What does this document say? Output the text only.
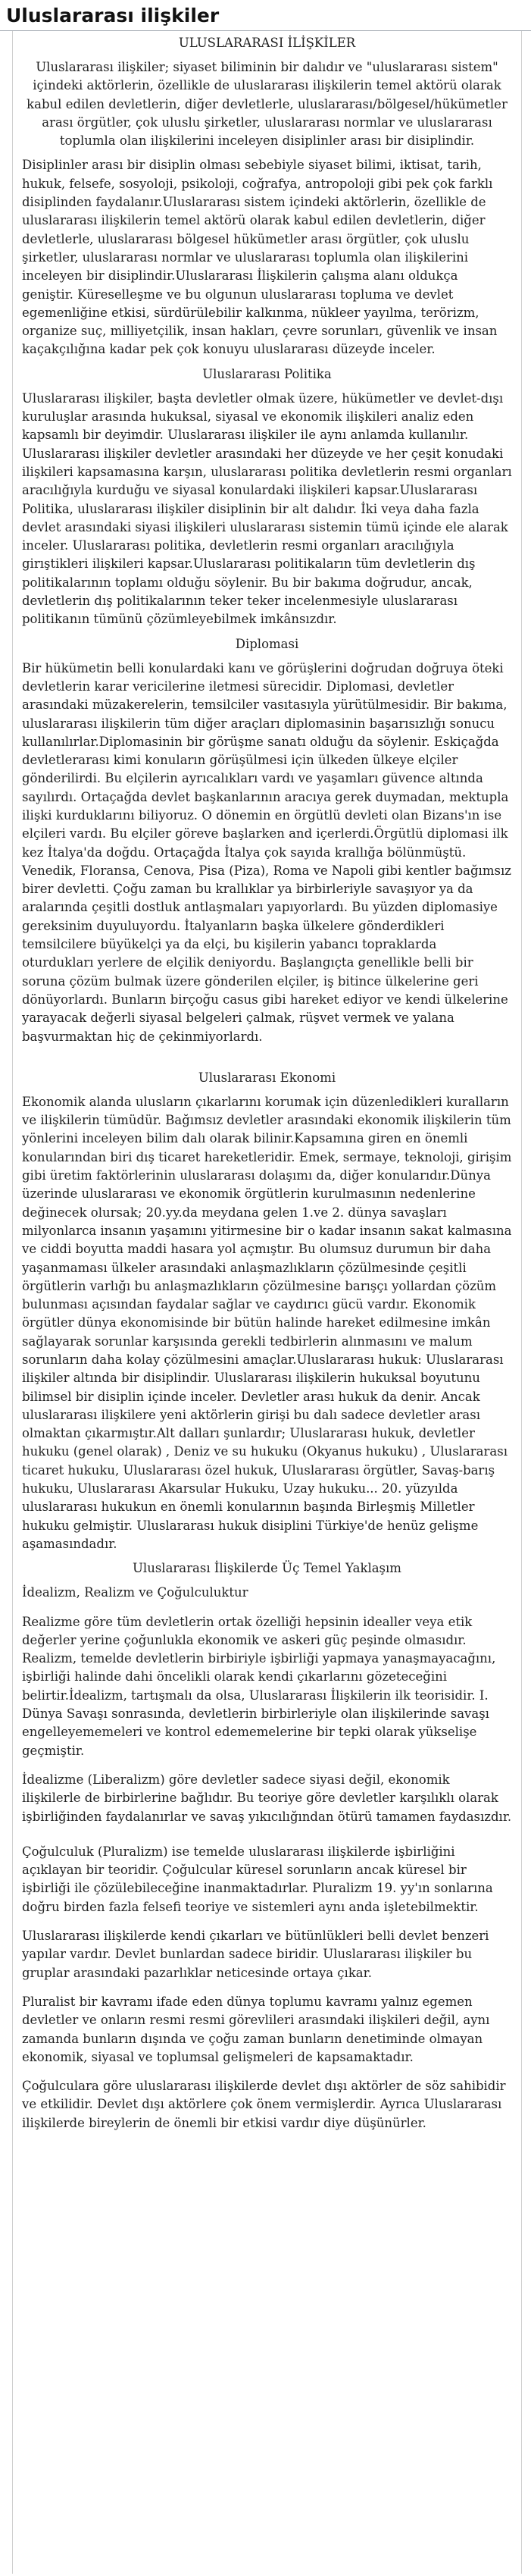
Uluslararası ilişkiler
ULUSLARARASI İLİŞKİLER

Uluslararası ilişkiler; siyaset biliminin bir dalıdır ve "uluslararası sistem" içindeki aktörlerin, özellikle de uluslararası ilişkilerin temel aktörü olarak kabul edilen devletlerin, diğer devletlerle, uluslararası/bölgesel/hükümetler arası örgütler, çok uluslu şirketler, uluslararası normlar ve uluslararası toplumla olan ilişkilerini inceleyen disiplinler arası bir disiplindir.

Disiplinler arası bir disiplin olması sebebiyle siyaset bilimi, iktisat, tarih, hukuk, felsefe, sosyoloji, psikoloji, coğrafya, antropoloji gibi pek çok farklı disiplinden faydalanır.Uluslararası sistem içindeki aktörlerin, özellikle de uluslararası ilişkilerin temel aktörü olarak kabul edilen devletlerin, diğer devletlerle, uluslararası bölgesel hükümetler arası örgütler, çok uluslu şirketler, uluslararası normlar ve uluslararası toplumla olan ilişkilerini inceleyen bir disiplindir.Uluslararası İlişkilerin çalışma alanı oldukça geniştir. Küreselleşme ve bu olgunun uluslararası topluma ve devlet egemenliğine etkisi, sürdürülebilir kalkınma, nükleer yayılma, terörizm, organize suç, milliyetçilik, insan hakları, çevre sorunları, güvenlik ve insan kaçakçılığına kadar pek çok konuyu uluslararası düzeyde inceler.

Uluslararası Politika

Uluslararası ilişkiler, başta devletler olmak üzere, hükümetler ve devlet-dışı kuruluşlar arasında hukuksal, siyasal ve ekonomik ilişkileri analiz eden kapsamlı bir deyimdir. Uluslararası ilişkiler ile aynı anlamda kullanılır. Uluslararası ilişkiler devletler arasındaki her düzeyde ve her çeşit konudaki ilişkileri kapsamasına karşın, uluslararası politika devletlerin resmi organları aracılığıyla kurduğu ve siyasal konulardaki ilişkileri kapsar.Uluslararası Politika, uluslararası ilişkiler disiplinin bir alt dalıdır. İki veya daha fazla devlet arasındaki siyasi ilişkileri uluslararası sistemin tümü içinde ele alarak inceler. Uluslararası politika, devletlerin resmi organları aracılığıyla girıştikleri ilişkileri kapsar.Uluslararası politikaların tüm devletlerin dış politikalarının toplamı olduğu söylenir. Bu bir bakıma doğrudur, ancak, devletlerin dış politikalarının teker teker incelenmesiyle uluslararası politikanın tümünü çözümleyebilmek imkânsızdır.

Diplomasi

Bir hükümetin belli konulardaki kanı ve görüşlerini doğrudan doğruya öteki devletlerin karar vericilerine iletmesi sürecidir. Diplomasi, devletler arasındaki müzakerelerin, temsilciler vasıtasıyla yürütülmesidir. Bir bakıma, uluslararası ilişkilerin tüm diğer araçları diplomasinin başarısızlığı sonucu kullanılırlar.Diplomasinin bir görüşme sanatı olduğu da söylenir. Eskiçağda devletlerarası kimi konuların görüşülmesi için ülkeden ülkeye elçiler gönderilirdi. Bu elçilerin ayrıcalıkları vardı ve yaşamları güvence altında sayılırdı. Ortaçağda devlet başkanlarının aracıya gerek duymadan, mektupla ilişki kurduklarını biliyoruz. O dönemin en örgütlü devleti olan Bizans'ın ise elçileri vardı. Bu elçiler göreve başlarken and içerlerdi.Örgütlü diplomasi ilk kez İtalya'da doğdu. Ortaçağda İtalya çok sayıda krallığa bölünmüştü. Venedik, Floransa, Cenova, Pisa (Piza), Roma ve Napoli gibi kentler bağımsız birer devletti. Çoğu zaman bu krallıklar ya birbirleriyle savaşıyor ya da aralarında çeşitli dostluk antlaşmaları yapıyorlardı. Bu yüzden diplomasiye gereksinim duyuluyordu. İtalyanların başka ülkelere gönderdikleri temsilcilere büyükelçi ya da elçi, bu kişilerin yabancı topraklarda oturdukları yerlere de elçilik deniyordu. Başlangıçta genellikle belli bir soruna çözüm bulmak üzere gönderilen elçiler, iş bitince ülkelerine geri dönüyorlardı. Bunların birçoğu casus gibi hareket ediyor ve kendi ülkelerine yarayacak değerli siyasal belgeleri çalmak, rüşvet vermek ve yalana başvurmaktan hiç de çekinmiyorlardı.

Uluslararası Ekonomi

Ekonomik alanda ulusların çıkarlarını korumak için düzenledikleri kuralların ve ilişkilerin tümüdür. Bağımsız devletler arasındaki ekonomik ilişkilerin tüm yönlerini inceleyen bilim dalı olarak bilinir.Kapsamına giren en önemli konularından biri dış ticaret hareketleridir. Emek, sermaye, teknoloji, girişim gibi üretim faktörlerinin uluslararası dolaşımı da, diğer konularıdır.Dünya üzerinde uluslararası ve ekonomik örgütlerin kurulmasının nedenlerine değinecek olursak; 20.yy.da meydana gelen 1.ve 2. dünya savaşları milyonlarca insanın yaşamını yitirmesine bir o kadar insanın sakat kalmasına ve ciddi boyutta maddi hasara yol açmıştır. Bu olumsuz durumun bir daha yaşanmaması ülkeler arasındaki anlaşmazlıkların çözülmesinde çeşitli örgütlerin varlığı bu anlaşmazlıkların çözülmesine barışçı yollardan çözüm bulunması açısından faydalar sağlar ve caydırıcı gücü vardır. Ekonomik örgütler dünya ekonomisinde bir bütün halinde hareket edilmesine imkân sağlayarak sorunlar karşısında gerekli tedbirlerin alınmasını ve malum sorunların daha kolay çözülmesini amaçlar.Uluslararası hukuk: Uluslararası ilişkiler altında bir disiplindir. Uluslararası ilişkilerin hukuksal boyutunu bilimsel bir disiplin içinde inceler. Devletler arası hukuk da denir. Ancak uluslararası ilişkilere yeni aktörlerin girişi bu dalı sadece devletler arası olmaktan çıkarmıştır.Alt dalları şunlardır; Uluslararası hukuk, devletler hukuku (genel olarak) , Deniz ve su hukuku (Okyanus hukuku) , Uluslararası ticaret hukuku, Uluslararası özel hukuk, Uluslararası örgütler, Savaş-barış hukuku, Uluslararası Akarsular Hukuku, Uzay hukuku... 20. yüzyılda uluslararası hukukun en önemli konularının başında Birleşmiş Milletler hukuku gelmiştir. Uluslararası hukuk disiplini Türkiye'de henüz gelişme aşamasındadır.

Uluslararası İlişkilerde Üç Temel Yaklaşım

İdealizm, Realizm ve Çoğulculuktur

Realizme göre tüm devletlerin ortak özelliği hepsinin idealler veya etik değerler yerine çoğunlukla ekonomik ve askeri güç peşinde olmasıdır. Realizm, temelde devletlerin birbiriyle işbirliği yapmaya yanaşmayacağını, işbirliği halinde dahi öncelikli olarak kendi çıkarlarını gözeteceğini belirtir.İdealizm, tartışmalı da olsa, Uluslararası İlişkilerin ilk teorisidir. I. Dünya Savaşı sonrasında, devletlerin birbirleriyle olan ilişkilerinde savaşı engelleyememeleri ve kontrol edememelerine bir tepki olarak yükselişe geçmiştir.

İdealizme (Liberalizm) göre devletler sadece siyasi değil, ekonomik ilişkilerle de birbirlerine bağlıdır. Bu teoriye göre devletler karşılıklı olarak işbirliğinden faydalanırlar ve savaş yıkıcılığından ötürü tamamen faydasızdır.

Çoğulculuk (Pluralizm) ise temelde uluslararası ilişkilerde işbirliğini açıklayan bir teoridir. Çoğulcular küresel sorunların ancak küresel bir işbirliği ile çözülebileceğine inanmaktadırlar. Pluralizm 19. yy'ın sonlarına doğru birden fazla felsefi teoriye ve sistemleri aynı anda işletebilmektir.

Uluslararası ilişkilerde kendi çıkarları ve bütünlükleri belli devlet benzeri yapılar vardır. Devlet bunlardan sadece biridir. Uluslararası ilişkiler bu gruplar arasındaki pazarlıklar neticesinde ortaya çıkar.

Pluralist bir kavramı ifade eden dünya toplumu kavramı yalnız egemen devletler ve onların resmi resmi görevlileri arasındaki ilişkileri değil, aynı zamanda bunların dışında ve çoğu zaman bunların denetiminde olmayan ekonomik, siyasal ve toplumsal gelişmeleri de kapsamaktadır.

Çoğulculara göre uluslararası ilişkilerde devlet dışı aktörler de söz sahibidir ve etkilidir. Devlet dışı aktörlere çok önem vermişlerdir. Ayrıca Uluslararası ilişkilerde bireylerin de önemli bir etkisi vardır diye düşünürler.
